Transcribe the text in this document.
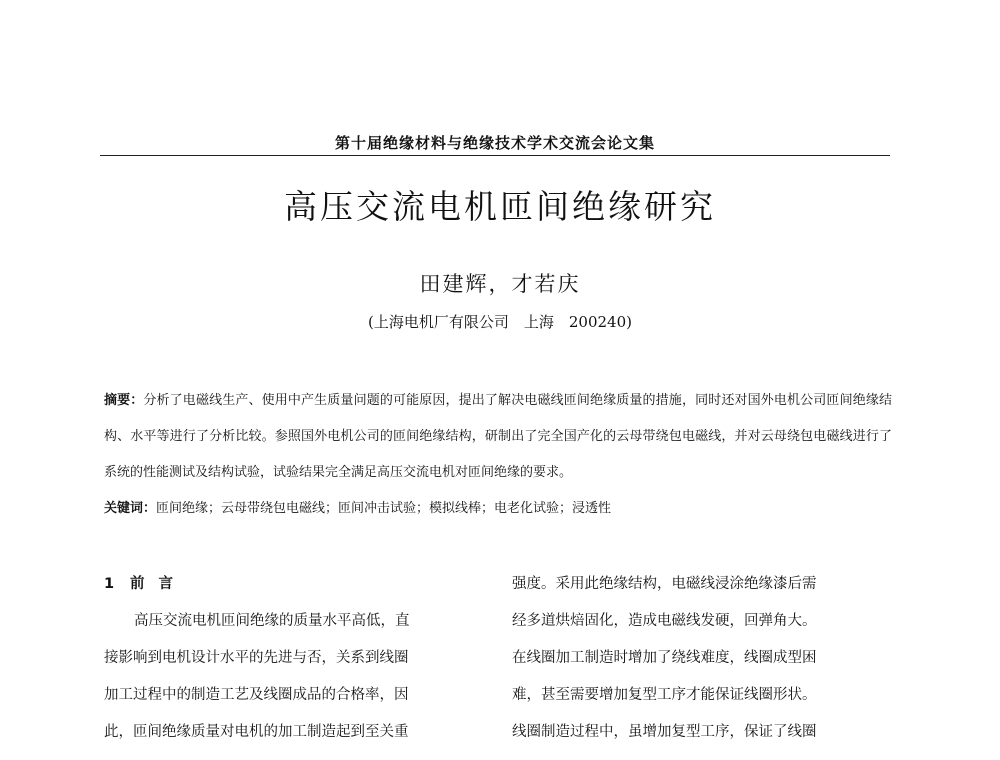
第十届绝缘材料与绝缘技术学术交流会论文集
高压交流电机匝间绝缘研究
田建辉，才若庆
(上海电机厂有限公司　上海　200240)
摘要：分析了电磁线生产、使用中产生质量问题的可能原因，提出了解决电磁线匝间绝缘质量的措施，同时还对国外电机公司匝间绝缘结构、水平等进行了分析比较。参照国外电机公司的匝间绝缘结构，研制出了完全国产化的云母带绕包电磁线，并对云母绕包电磁线进行了系统的性能测试及结构试验，试验结果完全满足高压交流电机对匝间绝缘的要求。
关键词：匝间绝缘；云母带绕包电磁线；匝间冲击试验；模拟线棒；电老化试验；浸透性
1 前言
高压交流电机匝间绝缘的质量水平高低，直
接影响到电机设计水平的先进与否，关系到线圈
加工过程中的制造工艺及线圈成品的合格率，因
此，匝间绝缘质量对电机的加工制造起到至关重
强度。采用此绝缘结构，电磁线浸涂绝缘漆后需
经多道烘焙固化，造成电磁线发硬，回弹角大。
在线圈加工制造时增加了绕线难度，线圈成型困
难，甚至需要增加复型工序才能保证线圈形状。
线圈制造过程中，虽增加复型工序，保证了线圈
